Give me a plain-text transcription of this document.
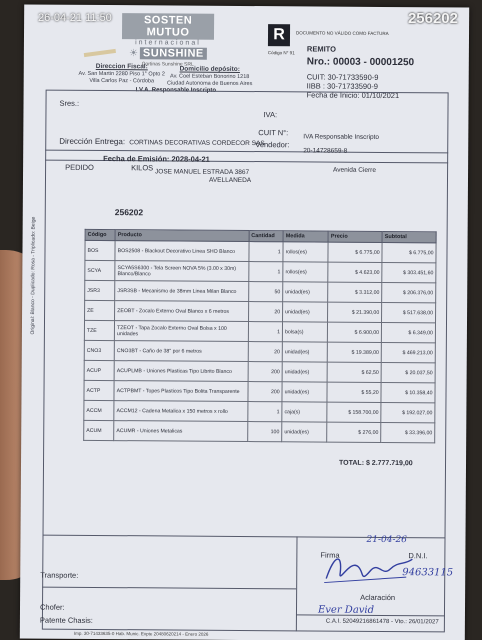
26-04-21 11:50	256202
SOSTEN MUTUO
internacional
☀ SUNSHINE
Cortinas Sunshine SRL
Direccion Fiscal:
Av. San Martin 2280 Piso 1° Opto 2
Villa Carlos Paz - Córdoba
Domicilio depósito:
Av. Coel Esteban Bonorino 1218
Ciudad Autonoma de Buenos Aires
I.V.A. Responsable Inscripto
R
Código N° 91
DOCUMENTO NO VÁLIDO COMO FACTURA
REMITO
Nro.: 00003 - 00001250
CUIT: 30-71733590-9
IIBB : 30-71733590-9
Fecha de Inicio: 01/10/2021
Sres.:
IVA:
CUIT N°: IVA Responsable Inscripto
Dirección Entrega: CORTINAS DECORATIVAS CORDECOR SAS
Vendedor:
20-14728659-8
Fecha de Emisión: 2028-04-21
PEDIDO	KILOS JOSE MANUEL ESTRADA 3867
AVELLANEDA
Avenida Cierre
256202
Original: Blanco - Duplicado: Rosa - Triplicado: Beige	Código	Producto	Cantidad	Medida	Precio	Subtotal
BOS	BOS2508 - Blackout Decorativo Linea SHO Blanco	1	rollos(es)	$ 6.775,00	$ 6.775,00
SCYA	SCYA5S6300 - Tela Screen NOVA 5% (3.00 x 30m) Blanco/Blanco	1	rollos(es)	$ 4.623,00	$ 303.451,60
JSR3	JSR3SB - Mecanismo de 38mm Linea Milan Blanco	50	unidad(es)	$ 3.312,00	$ 206.376,00
ZE	ZEOBT - Zocalo Externo Oval Blanco x 6 metros	20	unidad(es)	$ 21.390,00	$ 517.638,00
TZE	TZEOT - Tapa Zocalo Externo Oval Bolsa x 100 unidades	1	bolsa(s)	$ 6.900,00	$ 6.349,00
CNO3	CNO3BT - Caño de 38" por 6 metros	20	unidad(es)	$ 19.389,00	$ 469.213,00
ACUP	ACUPLMB - Uniones Plasticas Tipo Librito Blanco	200	unidad(es)	$ 62,50	$ 20.037,50
ACTP	ACTPBMT - Topes Plasticos Tipo Bolita Transparente	200	unidad(es)	$ 55,20	$ 10.358,40
ACCM	ACCM12 - Cadena Metalica x 150 metros x rollo	1	caja(s)	$ 158.700,00	$ 192.027,00
ACUM	ACUMR - Uniones Metalicas	100	unidad(es)	$ 276,00	$ 33.396,00
TOTAL: $ 2.777.719,00
Transporte:
Chofer:
Patente Chasis:
21-04-26
Firma	D.N.I.
94633115
Aclaración
Ever David
C.A.I. 52049216861478 - Vto.: 26/01/2027
Imp. 30-71433635-0 Hab. Munic. Expte 20480620214 - Enero 2026
